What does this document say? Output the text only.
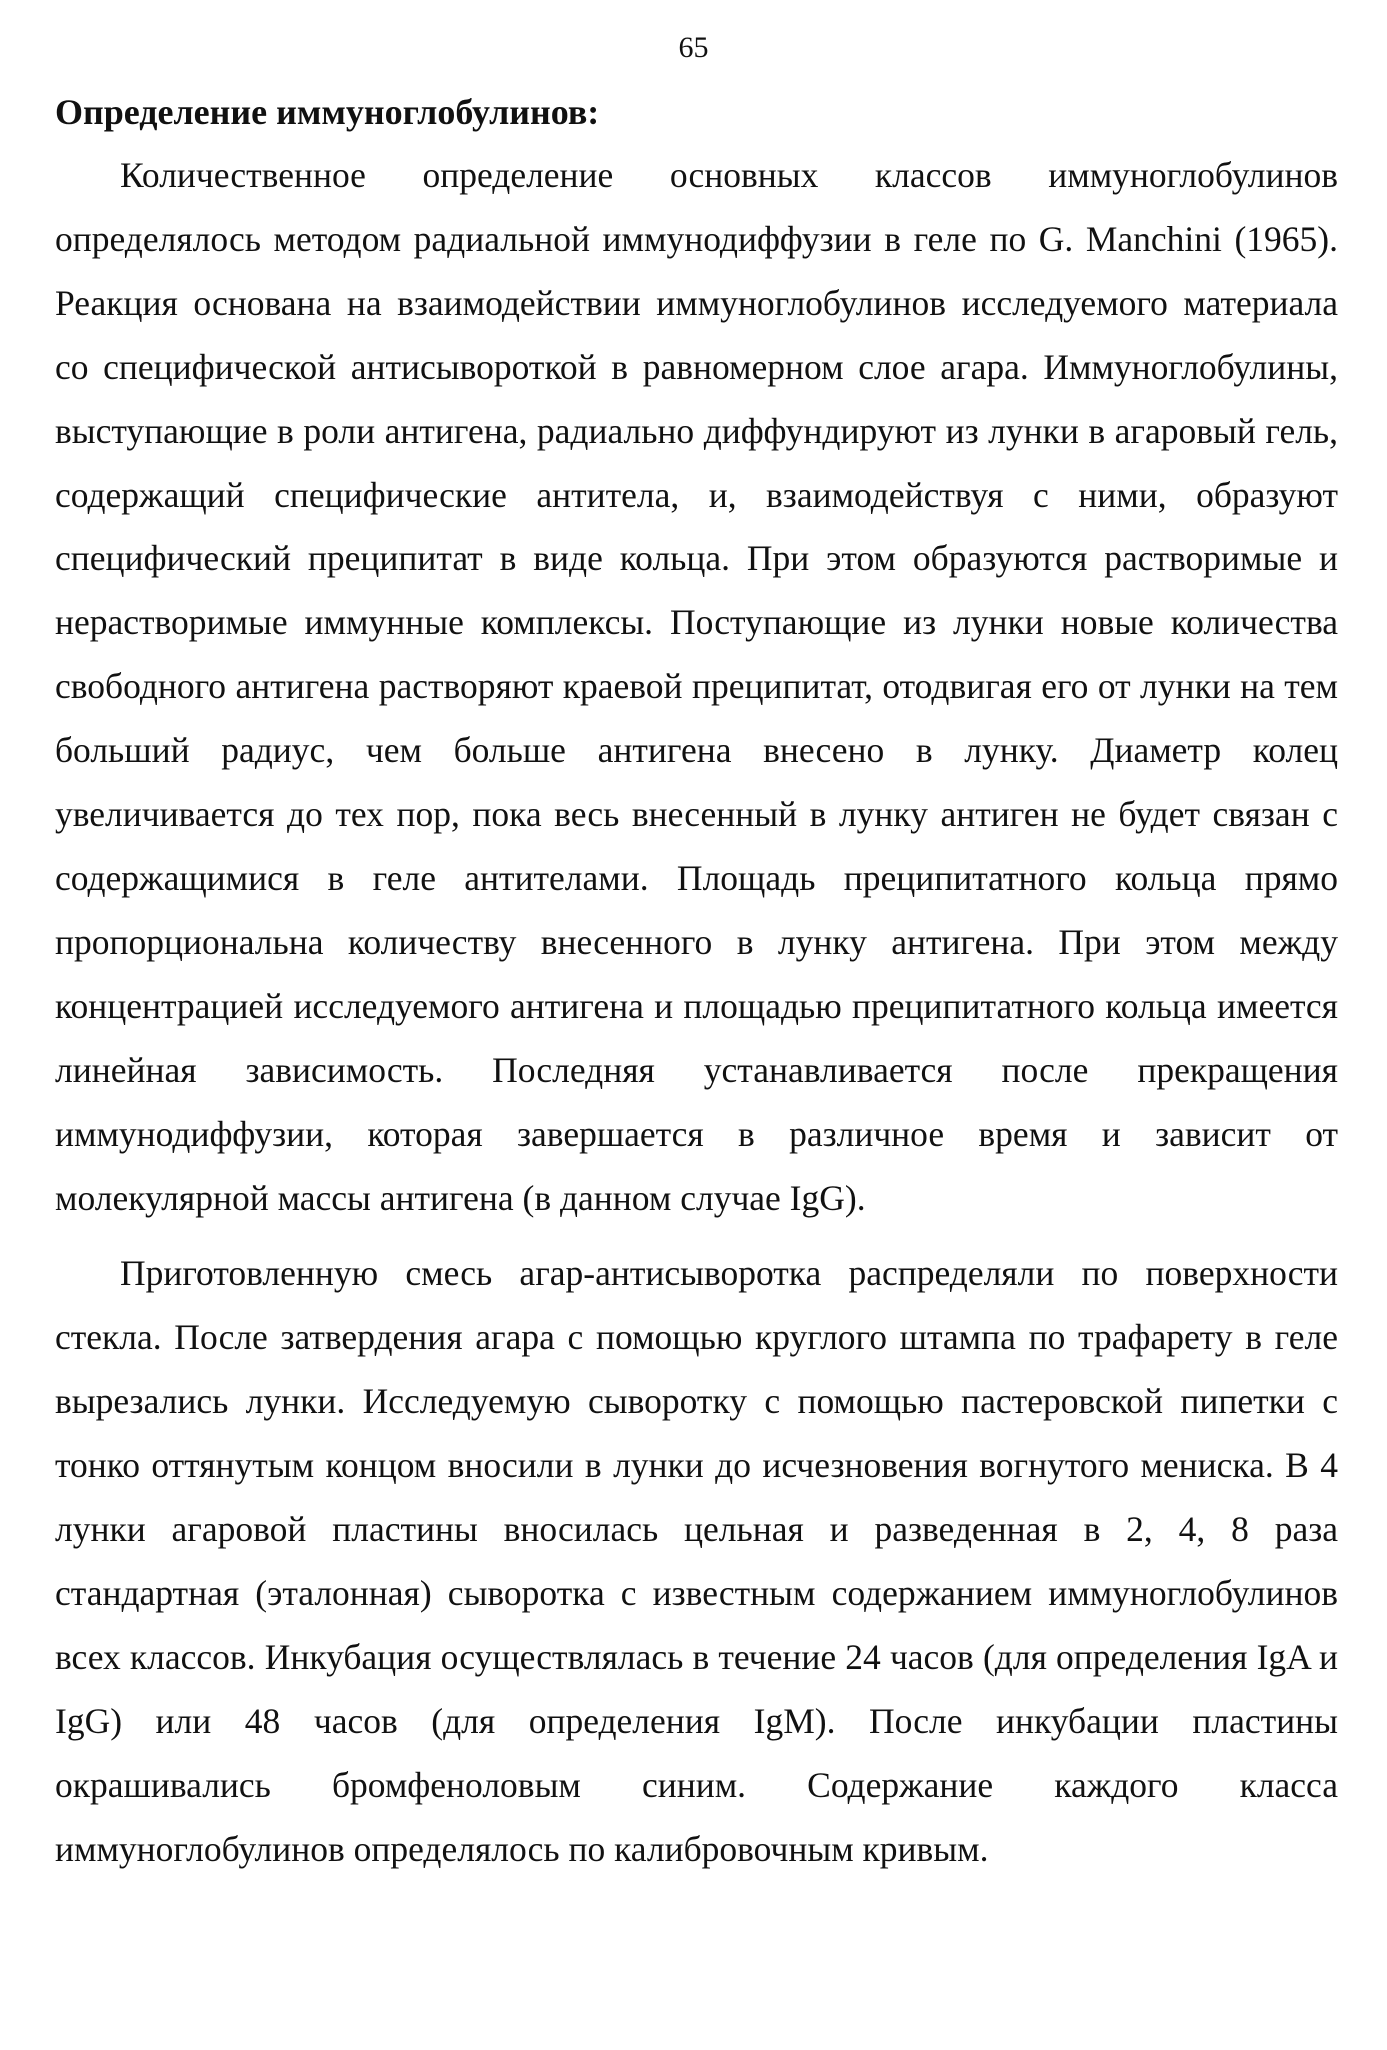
65

Определение иммуноглобулинов:

Количественное определение основных классов иммуноглобулинов определялось методом радиальной иммунодиффузии в геле по G. Manchini (1965). Реакция основана на взаимодействии иммуноглобулинов исследуемого материала со специфической антисывороткой в равномерном слое агара. Иммуноглобулины, выступающие в роли антигена, радиально диффундируют из лунки в агаровый гель, содержащий специфические антитела, и, взаимодействуя с ними, образуют специфический преципитат в виде кольца. При этом образуются растворимые и нерастворимые иммунные комплексы. Поступающие из лунки новые количества свободного антигена растворяют краевой преципитат, отодвигая его от лунки на тем больший радиус, чем больше антигена внесено в лунку. Диаметр колец увеличивается до тех пор, пока весь внесенный в лунку антиген не будет связан с содержащимися в геле антителами. Площадь преципитатного кольца прямо пропорциональна количеству внесенного в лунку антигена. При этом между концентрацией исследуемого антигена и площадью преципитатного кольца имеется линейная зависимость. Последняя устанавливается после прекращения иммунодиффузии, которая завершается в различное время и зависит от молекулярной массы антигена (в данном случае IgG).

Приготовленную смесь агар-антисыворотка распределяли по поверхности стекла. После затвердения агара с помощью круглого штампа по трафарету в геле вырезались лунки. Исследуемую сыворотку с помощью пастеровской пипетки с тонко оттянутым концом вносили в лунки до исчезновения вогнутого мениска. В 4 лунки агаровой пластины вносилась цельная и разведенная в 2, 4, 8 раза стандартная (эталонная) сыворотка с известным содержанием иммуноглобулинов всех классов. Инкубация осуществлялась в течение 24 часов (для определения IgA и IgG) или 48 часов (для определения IgM). После инкубации пластины окрашивались бромфеноловым синим. Содержание каждого класса иммуноглобулинов определялось по калибровочным кривым.
